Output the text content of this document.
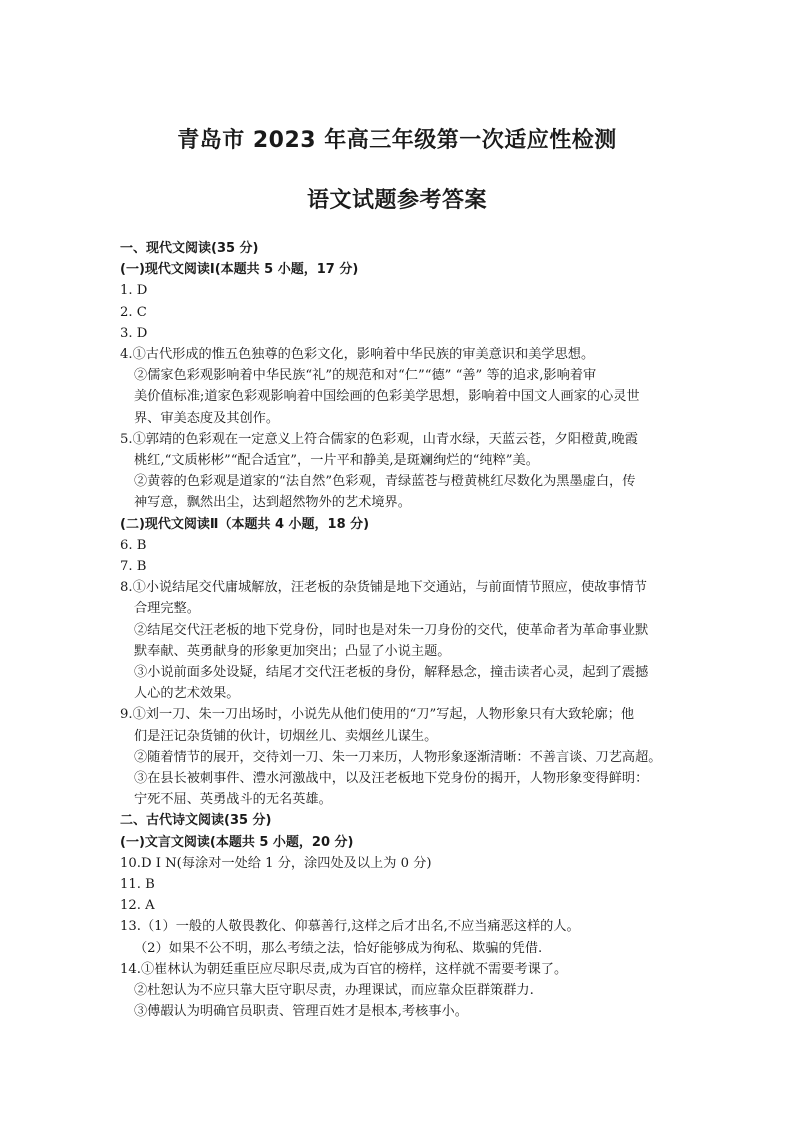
青岛市 2023 年高三年级第一次适应性检测
语文试题参考答案
一、现代文阅读(35 分)
(一)现代文阅读Ⅰ(本题共 5 小题，17 分)
1. D
2. C
3. D
4.①古代形成的惟五色独尊的色彩文化，影响着中华民族的审美意识和美学思想。
②儒家色彩观影响着中华民族“礼”的规范和对“仁”“德” “善” 等的追求,影响着审
美价值标准;道家色彩观影响着中国绘画的色彩美学思想，影响着中国文人画家的心灵世
界、审美态度及其创作。
5.①郭靖的色彩观在一定意义上符合儒家的色彩观，山青水绿，天蓝云苍，夕阳橙黄,晚霞
桃红,“文质彬彬”“配合适宜”，一片平和静美,是斑斓绚烂的“纯粹”美。
②黄蓉的色彩观是道家的“法自然”色彩观，青绿蓝苍与橙黄桃红尽数化为黑墨虚白，传
神写意，飘然出尘，达到超然物外的艺术境界。
(二)现代文阅读Ⅱ（本题共 4 小题，18 分)
6. B
7. B
8.①小说结尾交代庸城解放，汪老板的杂货铺是地下交通站，与前面情节照应，使故事情节
合理完整。
②结尾交代汪老板的地下党身份，同时也是对朱一刀身份的交代，使革命者为革命事业默
默奉献、英勇献身的形象更加突出；凸显了小说主题。
③小说前面多处设疑，结尾才交代汪老板的身份，解释悬念，撞击读者心灵，起到了震撼
人心的艺术效果。
9.①刘一刀、朱一刀出场时，小说先从他们使用的“刀”写起，人物形象只有大致轮廓；他
们是汪记杂货铺的伙计，切烟丝儿、卖烟丝儿谋生。
②随着情节的展开，交待刘一刀、朱一刀来历，人物形象逐渐清晰：不善言谈、刀艺高超。
③在县长被刺事件、澧水河激战中，以及汪老板地下党身份的揭开，人物形象变得鲜明：
宁死不屈、英勇战斗的无名英雄。
二、古代诗文阅读(35 分)
(一)文言文阅读(本题共 5 小题，20 分)
10.D I N(每涂对一处给 1 分，涂四处及以上为 0 分)
11. B
12. A
13.（1）一般的人敬畏教化、仰慕善行,这样之后才出名,不应当痛恶这样的人。
（2）如果不公不明，那么考绩之法，恰好能够成为徇私、欺骗的凭借.
14.①崔林认为朝廷重臣应尽职尽责,成为百官的榜样，这样就不需要考课了。
②杜恕认为不应只靠大臣守职尽责，办理课试，而应靠众臣群策群力.
③傅嘏认为明确官员职责、管理百姓才是根本,考核事小。
